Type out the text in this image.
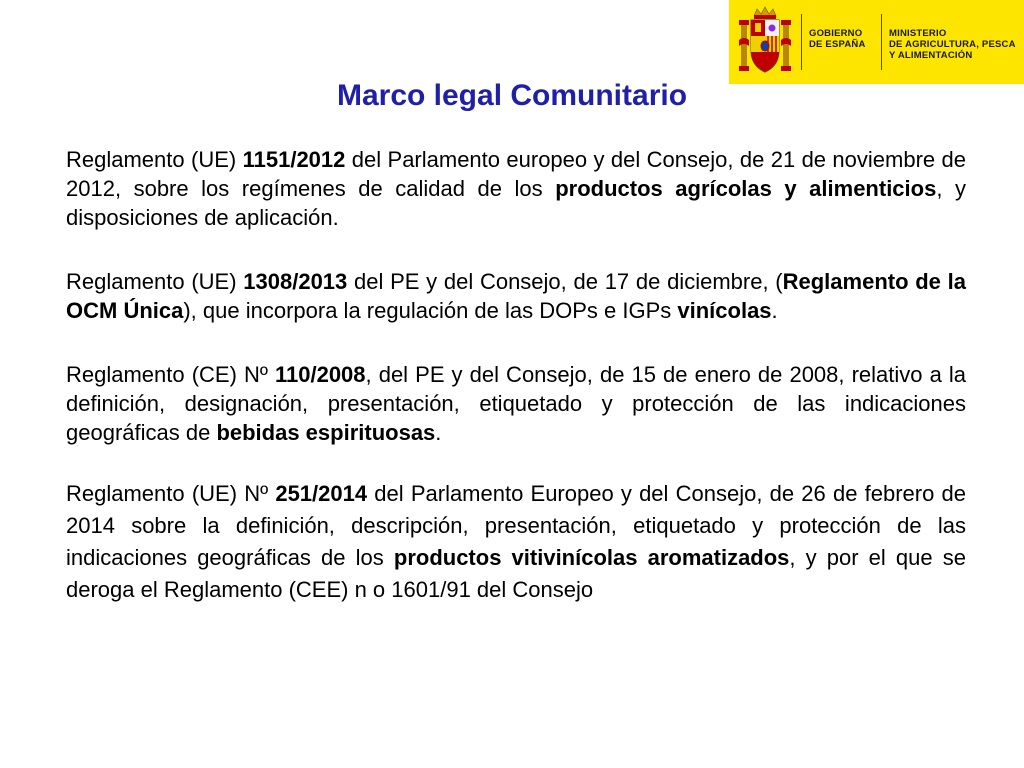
GOBIERNO
DE ESPAÑA
MINISTERIO
DE AGRICULTURA, PESCA
Y ALIMENTACIÓN
Marco legal Comunitario

Reglamento (UE) 1151/2012 del Parlamento europeo y del Consejo, de 21 de noviembre de 2012, sobre los regímenes de calidad de los productos agrícolas y alimenticios, y disposiciones de aplicación.

Reglamento (UE) 1308/2013 del PE y del Consejo, de 17 de diciembre, (Reglamento de la OCM Única), que incorpora la regulación de las DOPs e IGPs vinícolas.

Reglamento (CE) Nº 110/2008, del PE y del Consejo, de 15 de enero de 2008, relativo a la definición, designación, presentación, etiquetado y protección de las indicaciones geográficas de bebidas espirituosas.

Reglamento (UE) Nº 251/2014 del Parlamento Europeo y del Consejo, de 26 de febrero de 2014 sobre la definición, descripción, presentación, etiquetado y protección de las indicaciones geográficas de los productos vitivinícolas aromatizados, y por el que se deroga el Reglamento (CEE) n o 1601/91 del Consejo
